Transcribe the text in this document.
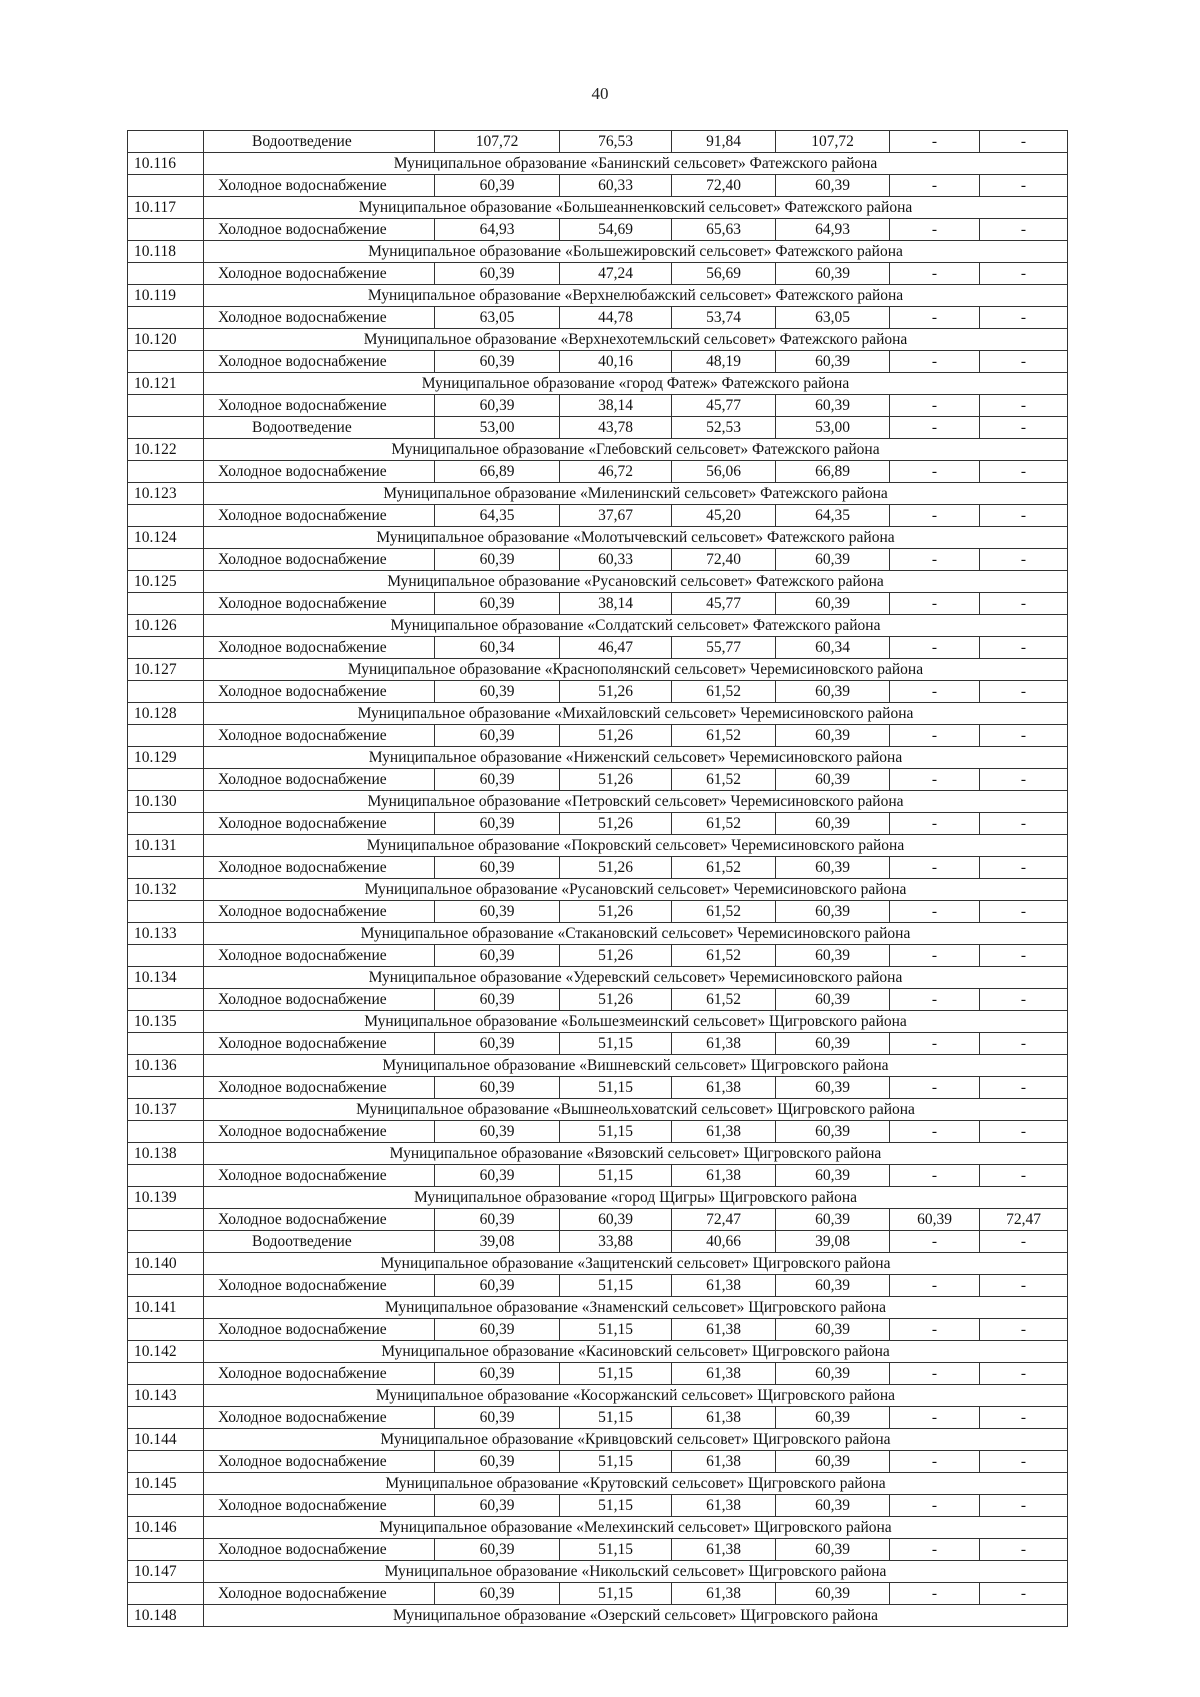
40
	Водоотведение	107,72	76,53	91,84	107,72	-	-
10.116	Муниципальное образование «Банинский сельсовет» Фатежского района						
	Холодное водоснабжение	60,39	60,33	72,40	60,39	-	-
10.117	Муниципальное образование «Большеанненковский сельсовет» Фатежского района						
	Холодное водоснабжение	64,93	54,69	65,63	64,93	-	-
10.118	Муниципальное образование «Большежировский сельсовет» Фатежского района						
	Холодное водоснабжение	60,39	47,24	56,69	60,39	-	-
10.119	Муниципальное образование «Верхнелюбажский сельсовет» Фатежского района						
	Холодное водоснабжение	63,05	44,78	53,74	63,05	-	-
10.120	Муниципальное образование «Верхнехотемльский сельсовет» Фатежского района						
	Холодное водоснабжение	60,39	40,16	48,19	60,39	-	-
10.121	Муниципальное образование «город Фатеж» Фатежского района						
	Холодное водоснабжение	60,39	38,14	45,77	60,39	-	-
	Водоотведение	53,00	43,78	52,53	53,00	-	-
10.122	Муниципальное образование «Глебовский сельсовет» Фатежского района						
	Холодное водоснабжение	66,89	46,72	56,06	66,89	-	-
10.123	Муниципальное образование «Миленинский сельсовет» Фатежского района						
	Холодное водоснабжение	64,35	37,67	45,20	64,35	-	-
10.124	Муниципальное образование «Молотычевский сельсовет» Фатежского района						
	Холодное водоснабжение	60,39	60,33	72,40	60,39	-	-
10.125	Муниципальное образование «Русановский сельсовет» Фатежского района						
	Холодное водоснабжение	60,39	38,14	45,77	60,39	-	-
10.126	Муниципальное образование «Солдатский сельсовет» Фатежского района						
	Холодное водоснабжение	60,34	46,47	55,77	60,34	-	-
10.127	Муниципальное образование «Краснополянский сельсовет» Черемисиновского района						
	Холодное водоснабжение	60,39	51,26	61,52	60,39	-	-
10.128	Муниципальное образование «Михайловский сельсовет» Черемисиновского района						
	Холодное водоснабжение	60,39	51,26	61,52	60,39	-	-
10.129	Муниципальное образование «Ниженский сельсовет» Черемисиновского района						
	Холодное водоснабжение	60,39	51,26	61,52	60,39	-	-
10.130	Муниципальное образование «Петровский сельсовет» Черемисиновского района						
	Холодное водоснабжение	60,39	51,26	61,52	60,39	-	-
10.131	Муниципальное образование «Покровский сельсовет» Черемисиновского района						
	Холодное водоснабжение	60,39	51,26	61,52	60,39	-	-
10.132	Муниципальное образование «Русановский сельсовет» Черемисиновского района						
	Холодное водоснабжение	60,39	51,26	61,52	60,39	-	-
10.133	Муниципальное образование «Стакановский сельсовет» Черемисиновского района						
	Холодное водоснабжение	60,39	51,26	61,52	60,39	-	-
10.134	Муниципальное образование «Удеревский сельсовет» Черемисиновского района						
	Холодное водоснабжение	60,39	51,26	61,52	60,39	-	-
10.135	Муниципальное образование «Большезмеинский сельсовет» Щигровского района						
	Холодное водоснабжение	60,39	51,15	61,38	60,39	-	-
10.136	Муниципальное образование «Вишневский сельсовет» Щигровского района						
	Холодное водоснабжение	60,39	51,15	61,38	60,39	-	-
10.137	Муниципальное образование «Вышнеольховатский сельсовет» Щигровского района						
	Холодное водоснабжение	60,39	51,15	61,38	60,39	-	-
10.138	Муниципальное образование «Вязовский сельсовет» Щигровского района						
	Холодное водоснабжение	60,39	51,15	61,38	60,39	-	-
10.139	Муниципальное образование «город Щигры» Щигровского района						
	Холодное водоснабжение	60,39	60,39	72,47	60,39	60,39	72,47
	Водоотведение	39,08	33,88	40,66	39,08	-	-
10.140	Муниципальное образование «Защитенский сельсовет» Щигровского района						
	Холодное водоснабжение	60,39	51,15	61,38	60,39	-	-
10.141	Муниципальное образование «Знаменский сельсовет» Щигровского района						
	Холодное водоснабжение	60,39	51,15	61,38	60,39	-	-
10.142	Муниципальное образование «Касиновский сельсовет» Щигровского района						
	Холодное водоснабжение	60,39	51,15	61,38	60,39	-	-
10.143	Муниципальное образование «Косоржанский сельсовет» Щигровского района						
	Холодное водоснабжение	60,39	51,15	61,38	60,39	-	-
10.144	Муниципальное образование «Кривцовский сельсовет» Щигровского района						
	Холодное водоснабжение	60,39	51,15	61,38	60,39	-	-
10.145	Муниципальное образование «Крутовский сельсовет» Щигровского района						
	Холодное водоснабжение	60,39	51,15	61,38	60,39	-	-
10.146	Муниципальное образование «Мелехинский сельсовет» Щигровского района						
	Холодное водоснабжение	60,39	51,15	61,38	60,39	-	-
10.147	Муниципальное образование «Никольский сельсовет» Щигровского района						
	Холодное водоснабжение	60,39	51,15	61,38	60,39	-	-
10.148	Муниципальное образование «Озерский сельсовет» Щигровского района						
